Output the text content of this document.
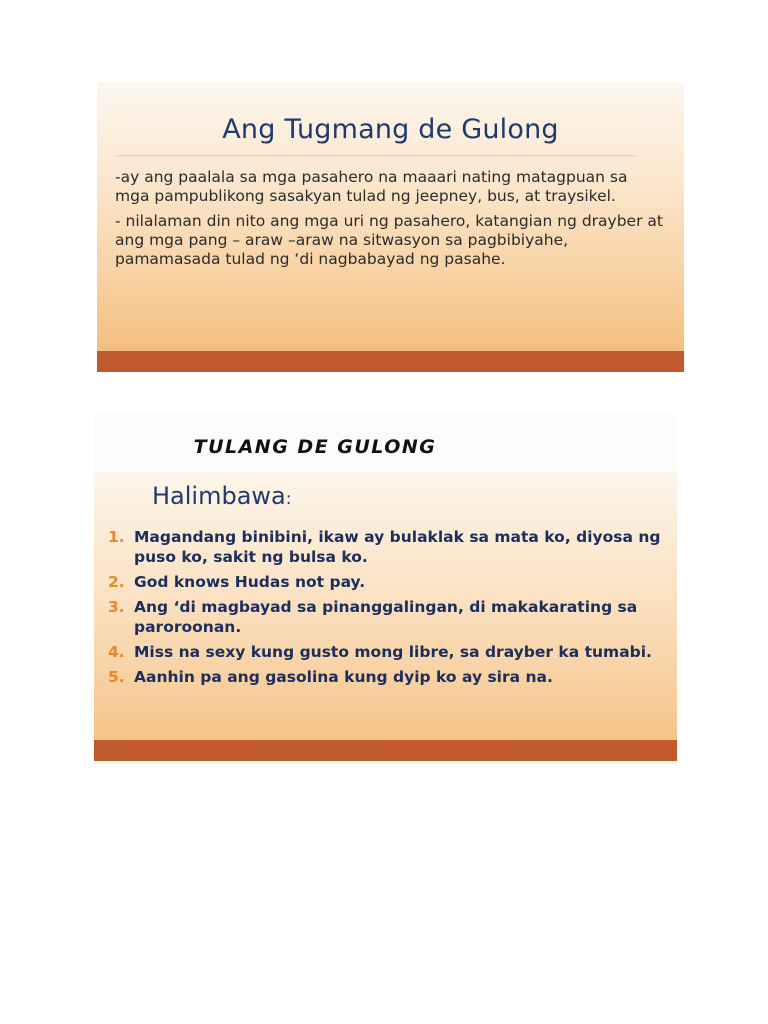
Ang Tugmang de Gulong

-ay ang paalala sa mga pasahero na maaari nating matagpuan sa mga pampublikong sasakyan tulad ng jeepney, bus, at traysikel.

- nilalaman din nito ang mga uri ng pasahero, katangian ng drayber at ang mga pang – araw –araw na sitwasyon sa pagbibiyahe, pamamasada tulad ng ‘di nagbabayad ng pasahe.

TULANG DE GULONG
Halimbawa:
1. Magandang binibini, ikaw ay bulaklak sa mata ko, diyosa ng puso ko, sakit ng bulsa ko.
2. God knows Hudas not pay.
3. Ang ‘di magbayad sa pinanggalingan, di makakarating sa paroroonan.
4. Miss na sexy kung gusto mong libre, sa drayber ka tumabi.
5. Aanhin pa ang gasolina kung dyip ko ay sira na.
